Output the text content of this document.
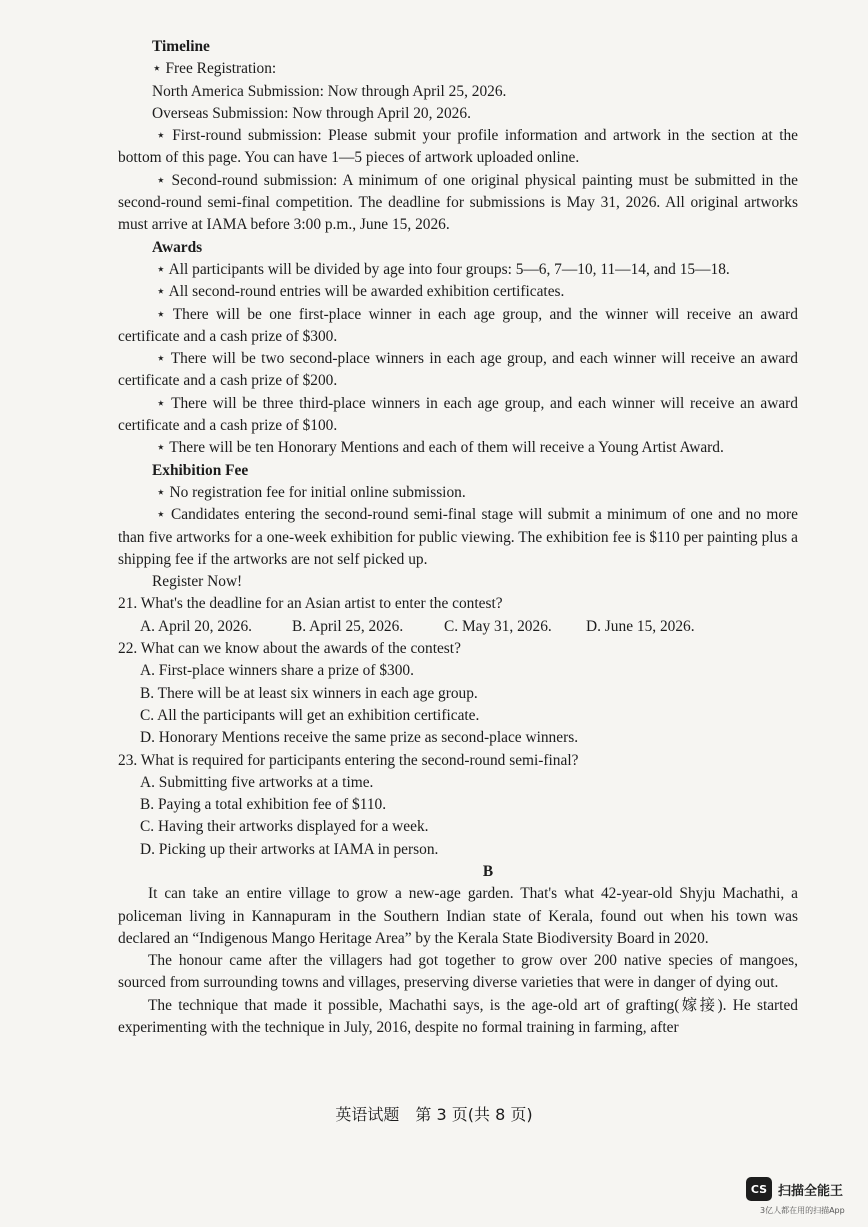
Timeline
⋆ Free Registration:
North America Submission: Now through April 25, 2026.
Overseas Submission: Now through April 20, 2026.
⋆ First-round submission: Please submit your profile information and artwork in the section at the bottom of this page. You can have 1—5 pieces of artwork uploaded online.
⋆ Second-round submission: A minimum of one original physical painting must be submitted in the second-round semi-final competition. The deadline for submissions is May 31, 2026. All original artworks must arrive at IAMA before 3:00 p.m., June 15, 2026.
Awards
⋆ All participants will be divided by age into four groups: 5—6, 7—10, 11—14, and 15—18.
⋆ All second-round entries will be awarded exhibition certificates.
⋆ There will be one first-place winner in each age group, and the winner will receive an award certificate and a cash prize of $300.
⋆ There will be two second-place winners in each age group, and each winner will receive an award certificate and a cash prize of $200.
⋆ There will be three third-place winners in each age group, and each winner will receive an award certificate and a cash prize of $100.
⋆ There will be ten Honorary Mentions and each of them will receive a Young Artist Award.
Exhibition Fee
⋆ No registration fee for initial online submission.
⋆ Candidates entering the second-round semi-final stage will submit a minimum of one and no more than five artworks for a one-week exhibition for public viewing. The exhibition fee is $110 per painting plus a shipping fee if the artworks are not self picked up.
Register Now!
21. What's the deadline for an Asian artist to enter the contest?
A. April 20, 2026.	B. April 25, 2026.	C. May 31, 2026.	D. June 15, 2026.
22. What can we know about the awards of the contest?
A. First-place winners share a prize of $300.
B. There will be at least six winners in each age group.
C. All the participants will get an exhibition certificate.
D. Honorary Mentions receive the same prize as second-place winners.
23. What is required for participants entering the second-round semi-final?
A. Submitting five artworks at a time.
B. Paying a total exhibition fee of $110.
C. Having their artworks displayed for a week.
D. Picking up their artworks at IAMA in person.
B
It can take an entire village to grow a new-age garden. That's what 42-year-old Shyju Machathi, a policeman living in Kannapuram in the Southern Indian state of Kerala, found out when his town was declared an “Indigenous Mango Heritage Area” by the Kerala State Biodiversity Board in 2020.
The honour came after the villagers had got together to grow over 200 native species of mangoes, sourced from surrounding towns and villages, preserving diverse varieties that were in danger of dying out.
The technique that made it possible, Machathi says, is the age-old art of grafting(嫁接). He started experimenting with the technique in July, 2016, despite no formal training in farming, after
英语试题　第 3 页(共 8 页)
CS 扫描全能王
3亿人都在用的扫描App
